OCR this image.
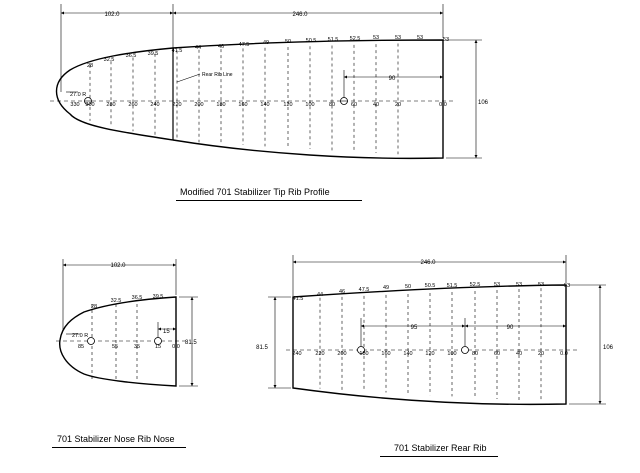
102.0	246.0
106
90
27.0 R
Rear Rib Line
28
32.5
36.5 39.5 41.5 44	46	47.5 49	50	50.5 51.5 52.5 53	53	53	53
330 300 280 260 240 220 200 180 160 140	120 100	80	60	40	20	0.0
102.0
81.5
15
27.0 R
28
32.5 36.5 39.5
85	55	35	15 0.0
246.0
81.5	106
95	90
41.5
44	46 47.5 49	50 50.5 51.5 52.5 53	53	53	53
240	220 200 180 160 140 120 100	80	60	40	20	0.0
Modified 701 Stabilizer Tip Rib Profile
701 Stabilizer Nose Rib Nose
701 Stabilizer Rear Rib
